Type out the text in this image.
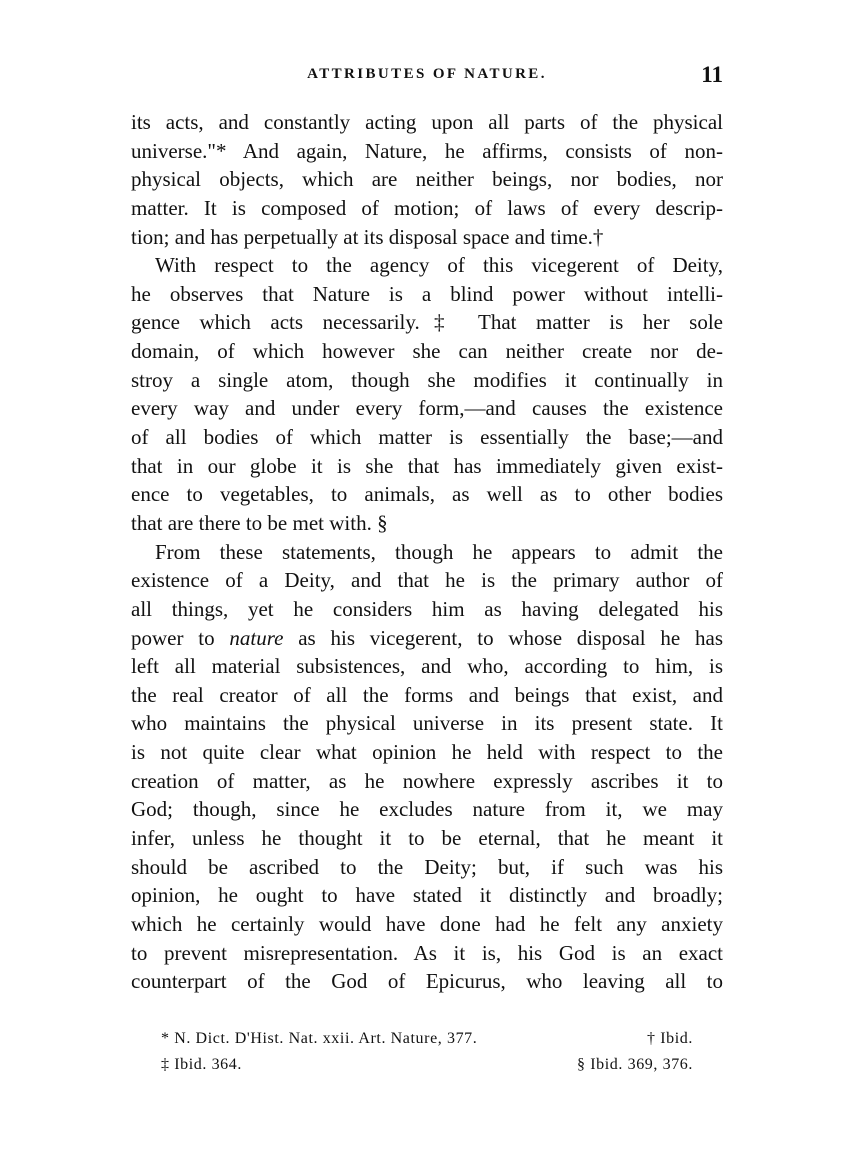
ATTRIBUTES OF NATURE.	11
its acts, and constantly acting upon all parts of the physical
universe."* And again, Nature, he affirms, consists of non-
physical objects, which are neither beings, nor bodies, nor
matter. It is composed of motion; of laws of every descrip-
tion; and has perpetually at its disposal space and time.†
With respect to the agency of this vicegerent of Deity,
he observes that Nature is a blind power without intelli-
gence which acts necessarily.‡ That matter is her sole
domain, of which however she can neither create nor de-
stroy a single atom, though she modifies it continually in
every way and under every form,—and causes the existence
of all bodies of which matter is essentially the base;—and
that in our globe it is she that has immediately given exist-
ence to vegetables, to animals, as well as to other bodies
that are there to be met with. §
From these statements, though he appears to admit the
existence of a Deity, and that he is the primary author of
all things, yet he considers him as having delegated his
power to nature as his vicegerent, to whose disposal he has
left all material subsistences, and who, according to him, is
the real creator of all the forms and beings that exist, and
who maintains the physical universe in its present state. It
is not quite clear what opinion he held with respect to the
creation of matter, as he nowhere expressly ascribes it to
God; though, since he excludes nature from it, we may
infer, unless he thought it to be eternal, that he meant it
should be ascribed to the Deity; but, if such was his
opinion, he ought to have stated it distinctly and broadly;
which he certainly would have done had he felt any anxiety
to prevent misrepresentation. As it is, his God is an exact
counterpart of the God of Epicurus, who leaving all to
* N. Dict. D'Hist. Nat. xxii. Art. Nature, 377.	† Ibid.
‡ Ibid. 364.	§ Ibid. 369, 376.
